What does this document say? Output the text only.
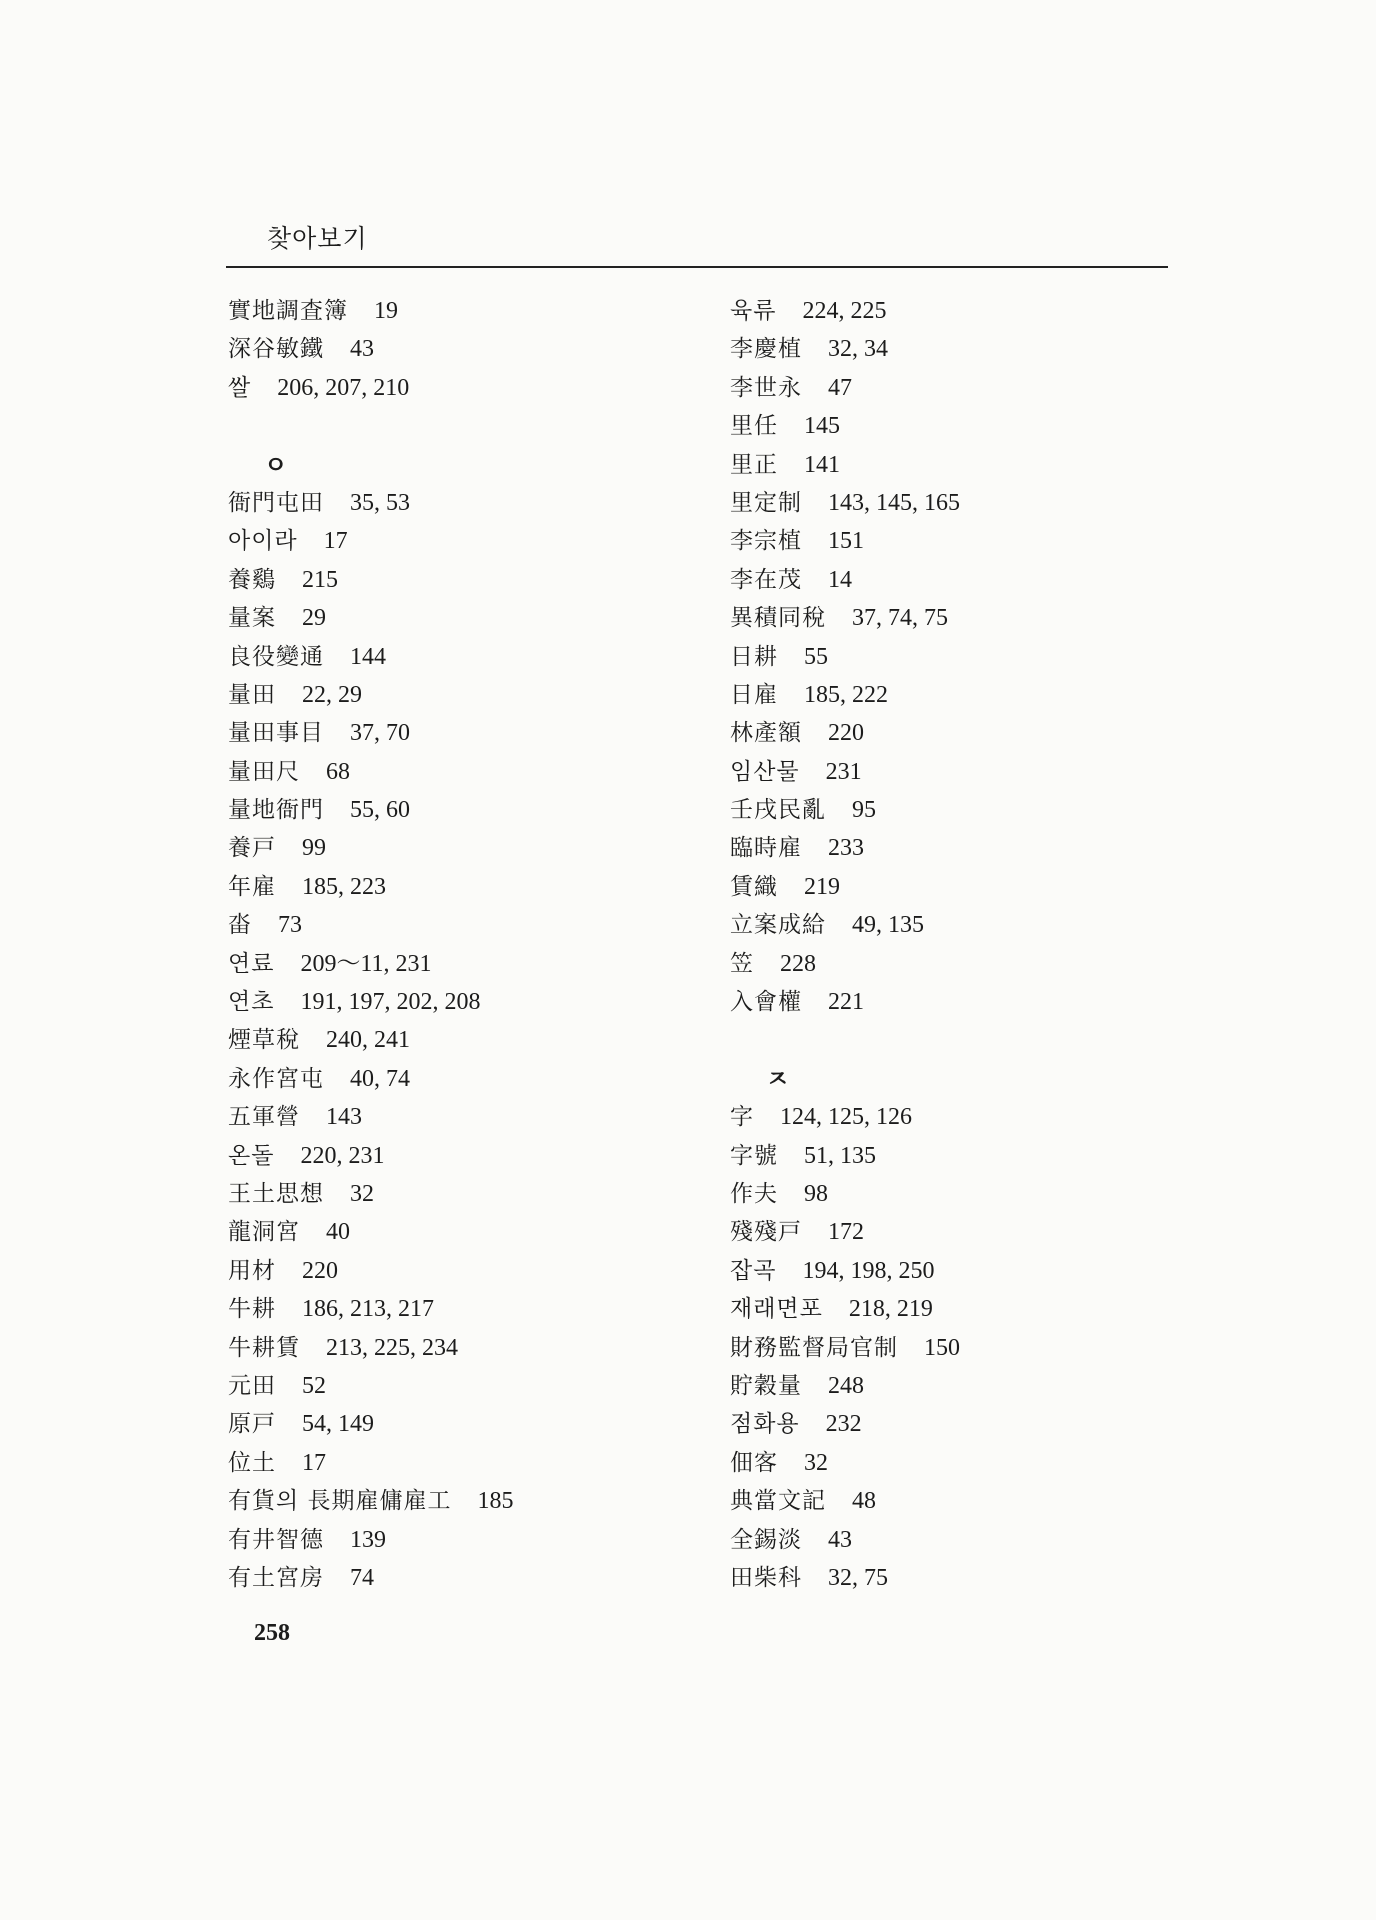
찾아보기
實地調査簿 19
深谷敏鐵 43
쌀 206, 207, 210
ㅇ
衙門屯田 35, 53
아이라 17
養鷄 215
量案 29
良役變通 144
量田 22, 29
量田事目 37, 70
量田尺 68
量地衙門 55, 60
養戸 99
年雇 185, 223
畓 73
연료 209～11, 231
연초 191, 197, 202, 208
煙草稅 240, 241
永作宮屯 40, 74
五軍營 143
온돌 220, 231
王土思想 32
龍洞宮 40
用材 220
牛耕 186, 213, 217
牛耕賃 213, 225, 234
元田 52
原戸 54, 149
位土 17
有貨의 長期雇傭雇工 185
有井智德 139
有土宮房 74
육류 224, 225
李慶植 32, 34
李世永 47
里任 145
里正 141
里定制 143, 145, 165
李宗植 151
李在茂 14
異積同稅 37, 74, 75
日耕 55
日雇 185, 222
林產額 220
임산물 231
壬戌民亂 95
臨時雇 233
賃織 219
立案成給 49, 135
笠 228
入會權 221
ㅈ
字 124, 125, 126
字號 51, 135
作夫 98
殘殘戸 172
잡곡 194, 198, 250
재래면포 218, 219
財務監督局官制 150
貯穀量 248
점화용 232
佃客 32
典當文記 48
全錫淡 43
田柴科 32, 75
258
